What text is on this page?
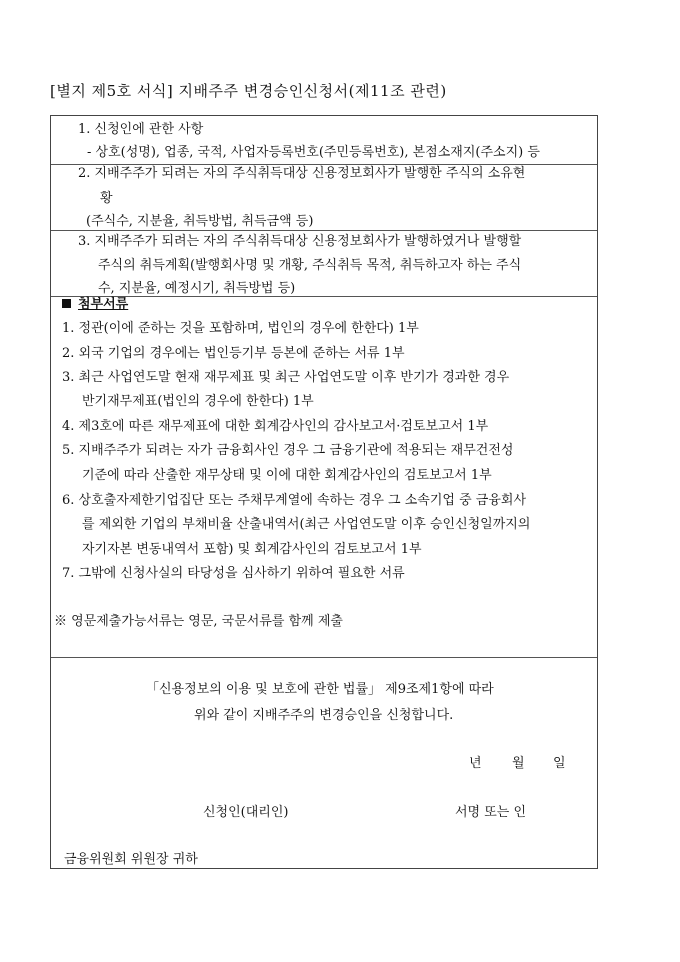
[별지 제5호 서식] 지배주주 변경승인신청서(제11조 관련)
1. 신청인에 관한 사항
- 상호(성명), 업종, 국적, 사업자등록번호(주민등록번호), 본점소재지(주소지) 등
2. 지배주주가 되려는 자의 주식취득대상 신용정보회사가 발행한 주식의 소유현
황
(주식수, 지분율, 취득방법, 취득금액 등)
3. 지배주주가 되려는 자의 주식취득대상 신용정보회사가 발행하였거나 발행할
주식의 취득계획(발행회사명 및 개황, 주식취득 목적, 취득하고자 하는 주식
수, 지분율, 예정시기, 취득방법 등)
첨부서류
1. 정관(이에 준하는 것을 포함하며, 법인의 경우에 한한다) 1부
2. 외국 기업의 경우에는 법인등기부 등본에 준하는 서류 1부
3. 최근 사업연도말 현재 재무제표 및 최근 사업연도말 이후 반기가 경과한 경우
반기재무제표(법인의 경우에 한한다) 1부
4. 제3호에 따른 재무제표에 대한 회계감사인의 감사보고서·검토보고서 1부
5. 지배주주가 되려는 자가 금융회사인 경우 그 금융기관에 적용되는 재무건전성
기준에 따라 산출한 재무상태 및 이에 대한 회계감사인의 검토보고서 1부
6. 상호출자제한기업집단 또는 주채무계열에 속하는 경우 그 소속기업 중 금융회사
를 제외한 기업의 부채비율 산출내역서(최근 사업연도말 이후 승인신청일까지의
자기자본 변동내역서 포함) 및 회계감사인의 검토보고서 1부
7. 그밖에 신청사실의 타당성을 심사하기 위하여 필요한 서류
※ 영문제출가능서류는 영문, 국문서류를 함께 제출
「신용정보의 이용 및 보호에 관한 법률」 제9조제1항에 따라
위와 같이 지배주주의 변경승인을 신청합니다.
년 월 일
신청인(대리인)	서명 또는 인
금융위원회 위원장 귀하
